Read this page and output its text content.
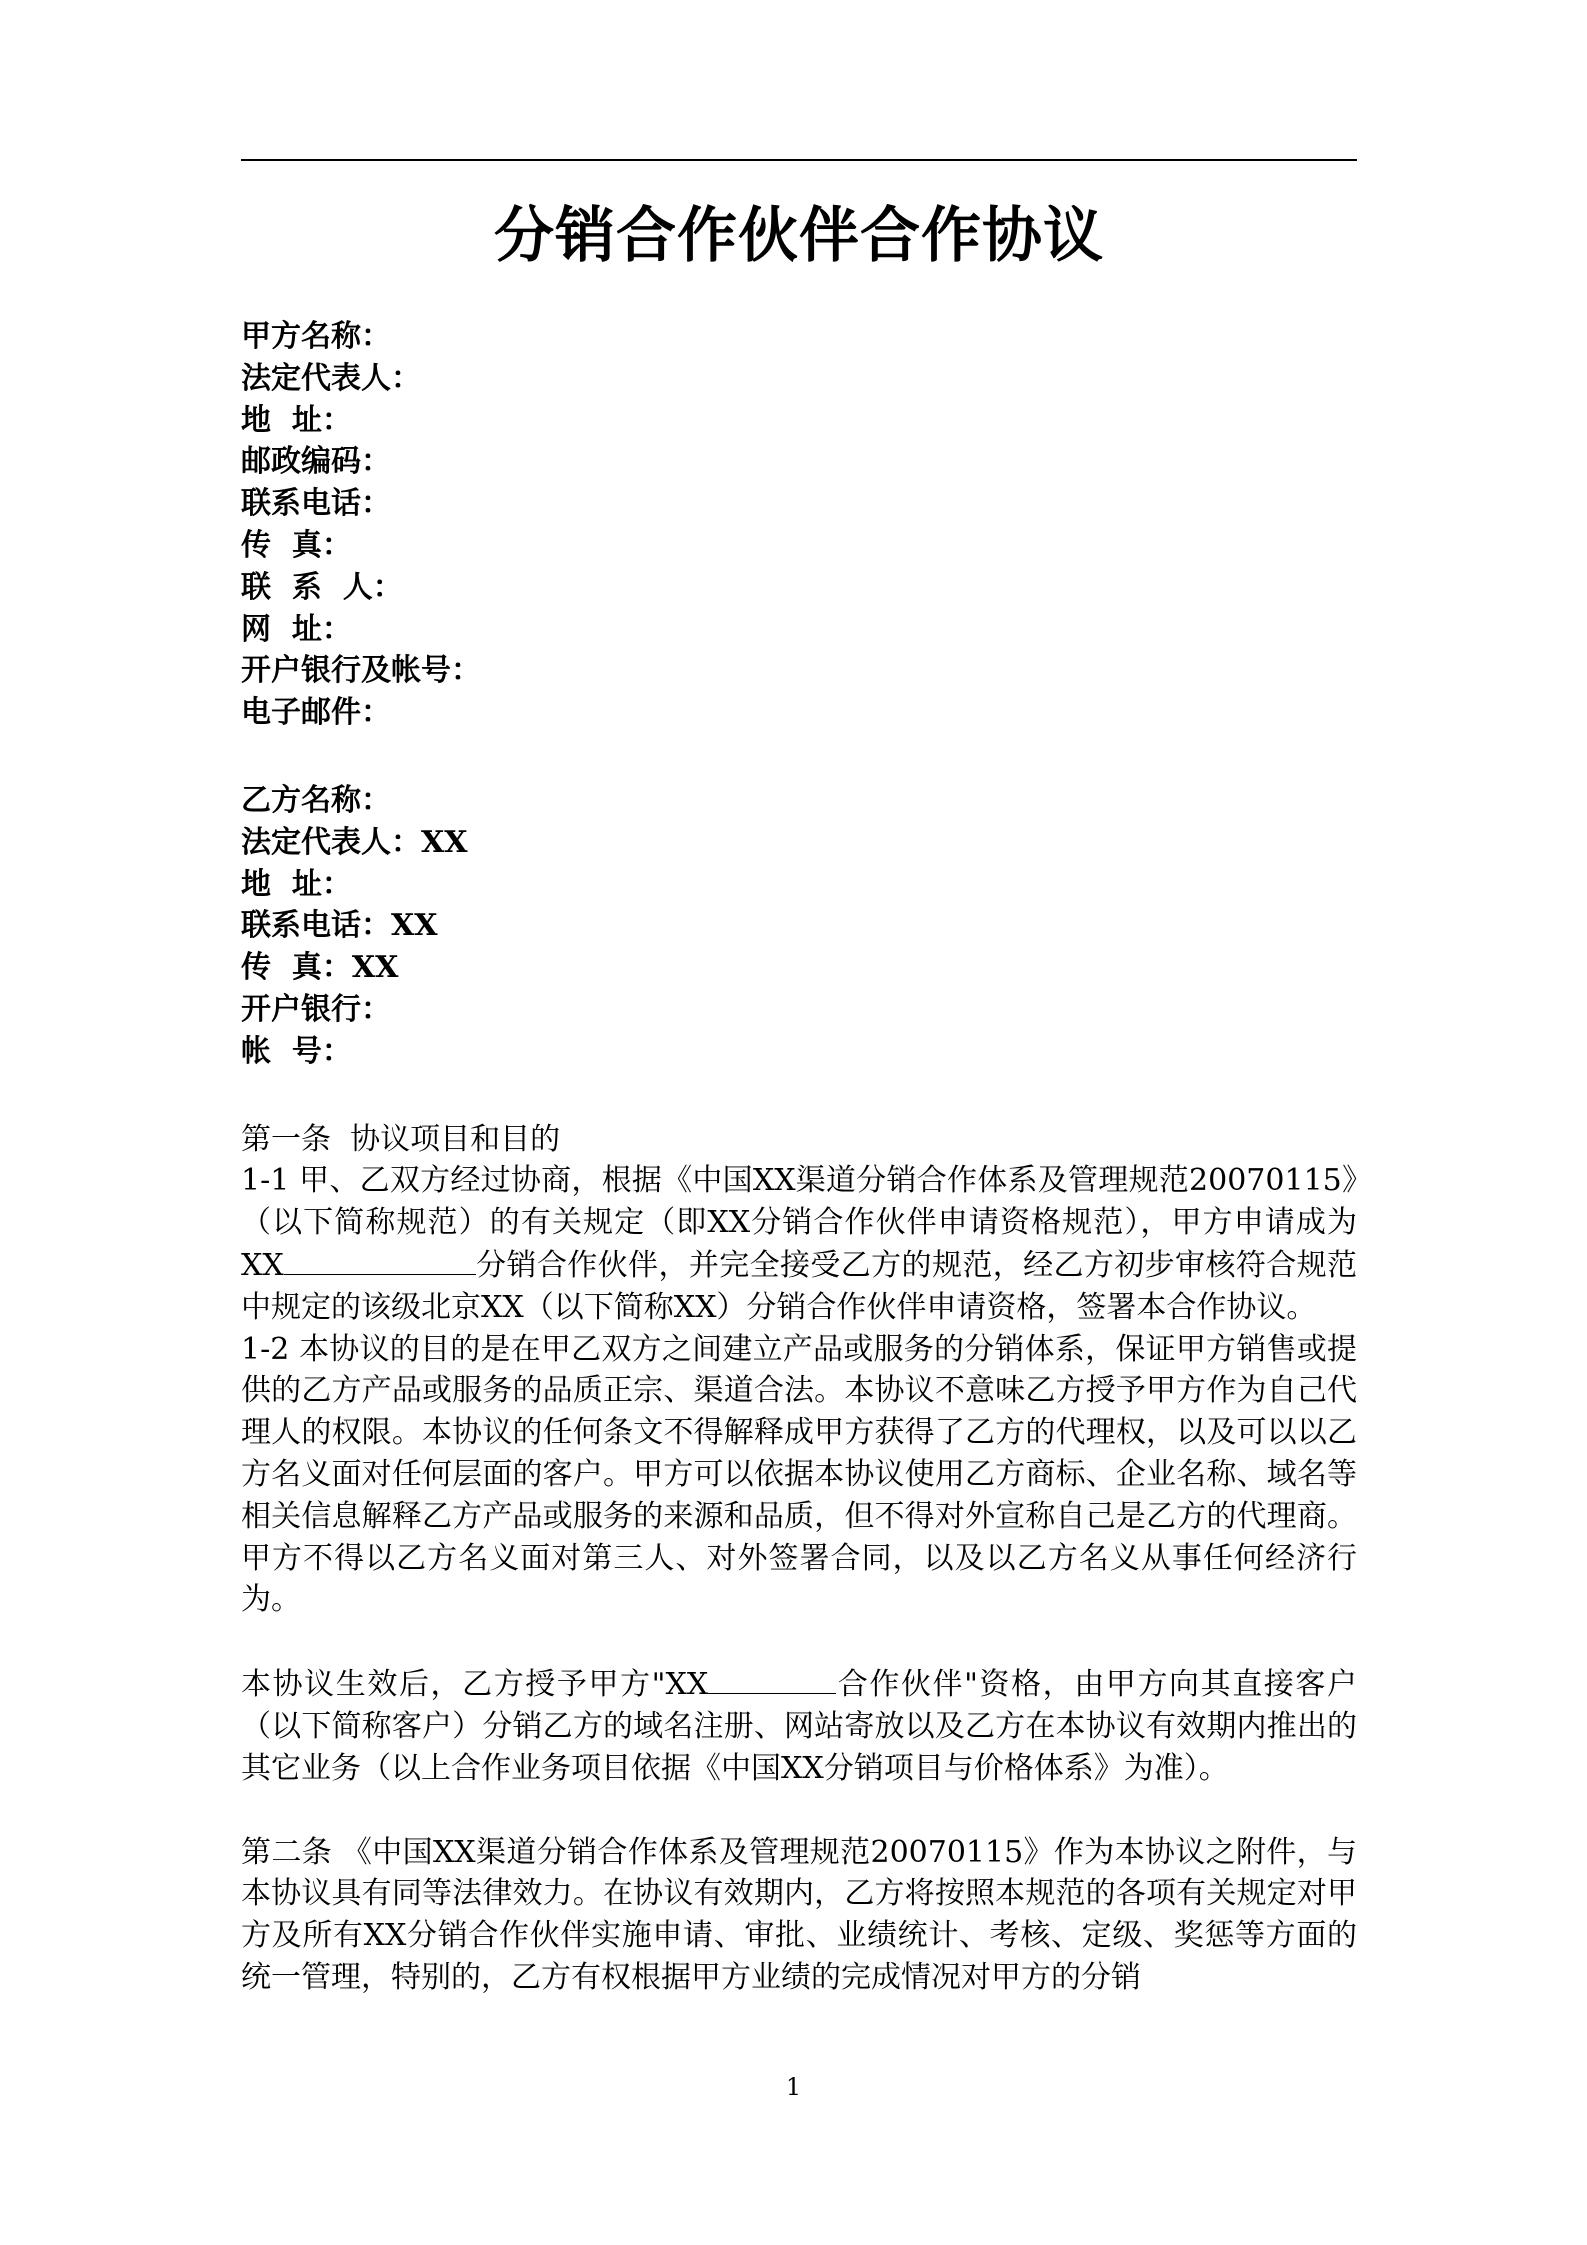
分销合作伙伴合作协议
甲方名称：
法定代表人：
地  址：
邮政编码：
联系电话：
传  真：
联  系  人：
网  址：
开户银行及帐号：
电子邮件：
乙方名称：
法定代表人：XX
地  址：
联系电话：XX
传  真：XX
开户银行：
帐  号：

第一条  协议项目和目的

1-1 甲、乙双方经过协商，根据《中国XX渠道分销合作体系及管理规范20070115》（以下简称规范）的有关规定（即XX分销合作伙伴申请资格规范），甲方申请成为XX	分销合作伙伴，并完全接受乙方的规范，经乙方初步审核符合规范中规定的该级北京XX（以下简称XX）分销合作伙伴申请资格，签署本合作协议。

1-2 本协议的目的是在甲乙双方之间建立产品或服务的分销体系，保证甲方销售或提供的乙方产品或服务的品质正宗、渠道合法。本协议不意味乙方授予甲方作为自己代理人的权限。本协议的任何条文不得解释成甲方获得了乙方的代理权，以及可以以乙方名义面对任何层面的客户。甲方可以依据本协议使用乙方商标、企业名称、域名等相关信息解释乙方产品或服务的来源和品质，但不得对外宣称自己是乙方的代理商。甲方不得以乙方名义面对第三人、对外签署合同，以及以乙方名义从事任何经济行为。

本协议生效后，乙方授予甲方"XX	合作伙伴"资格，由甲方向其直接客户（以下简称客户）分销乙方的域名注册、网站寄放以及乙方在本协议有效期内推出的其它业务（以上合作业务项目依据《中国XX分销项目与价格体系》为准）。

第二条 《中国XX渠道分销合作体系及管理规范20070115》作为本协议之附件，与本协议具有同等法律效力。在协议有效期内，乙方将按照本规范的各项有关规定对甲方及所有XX分销合作伙伴实施申请、审批、业绩统计、考核、定级、奖惩等方面的统一管理，特别的，乙方有权根据甲方业绩的完成情况对甲方的分销

1
